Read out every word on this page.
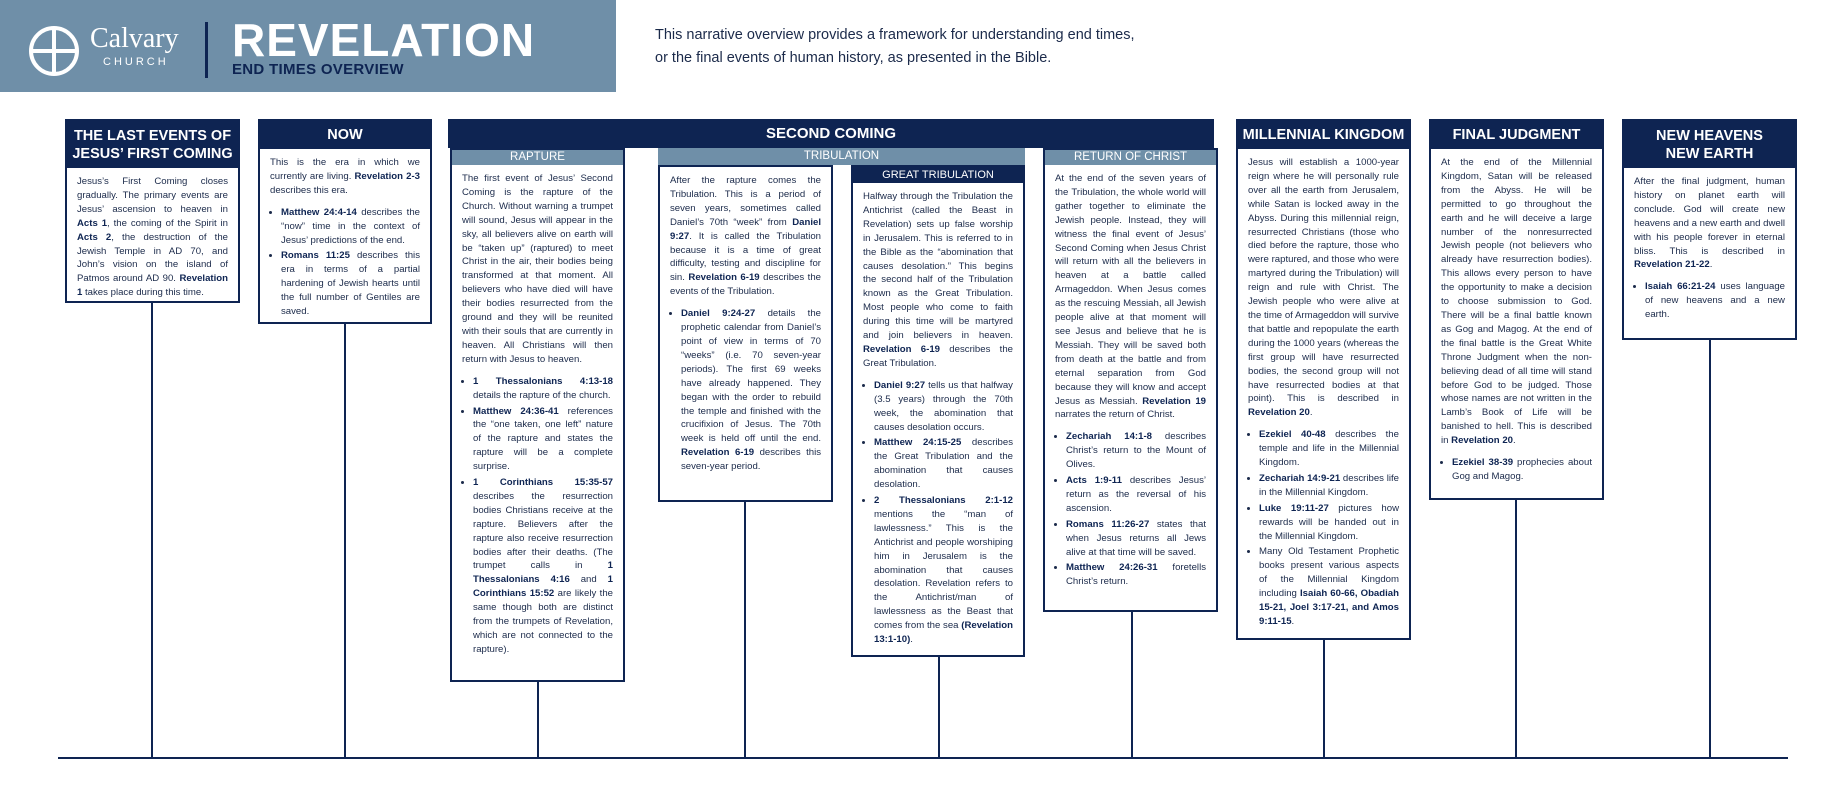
Calvary
CHURCH REVELATION
END TIMES OVERVIEW
This narrative overview provides a framework for understanding end times,
or the final events of human history, as presented in the Bible.
SECOND COMING
THE LAST EVENTS OF
JESUS’ FIRST COMING

Jesus’s First Coming closes gradually. The primary events are Jesus’ ascension to heaven in Acts 1, the coming of the Spirit in Acts 2, the destruction of the Jewish Temple in AD 70, and John’s vision on the island of Patmos around AD 90. Revelation 1 takes place during this time.

NOW

This is the era in which we currently are living. Revelation 2-3 describes this era.

• Matthew 24:4-14 describes the “now” time in the context of Jesus’ predictions of the end.
• Romans 11:25 describes this era in terms of a partial hardening of Jewish hearts until the full number of Gentiles are saved.
RAPTURE

The first event of Jesus’ Second Coming is the rapture of the Church. Without warning a trumpet will sound, Jesus will appear in the sky, all believers alive on earth will be “taken up” (raptured) to meet Christ in the air, their bodies being transformed at that moment. All believers who have died will have their bodies resurrected from the ground and they will be reunited with their souls that are currently in heaven. All Christians will then return with Jesus to heaven.

• 1 Thessalonians 4:13-18 details the rapture of the church.
• Matthew 24:36-41 references the “one taken, one left” nature of the rapture and states the rapture will be a complete surprise.
• 1 Corinthians 15:35-57 describes the resurrection bodies Christians receive at the rapture. Believers after the rapture also receive resurrection bodies after their deaths. (The trumpet calls in 1 Thessalonians 4:16 and 1 Corinthians 15:52 are likely the same though both are distinct from the trumpets of Revelation, which are not connected to the rapture).
TRIBULATION

After the rapture comes the Tribulation. This is a period of seven years, sometimes called Daniel’s 70th “week” from Daniel 9:27. It is called the Tribulation because it is a time of great difficulty, testing and discipline for sin. Revelation 6-19 describes the events of the Tribulation.

• Daniel 9:24-27 details the prophetic calendar from Daniel’s point of view in terms of 70 “weeks” (i.e. 70 seven-year periods). The first 69 weeks have already happened. They began with the order to rebuild the temple and finished with the crucifixion of Jesus. The 70th week is held off until the end. Revelation 6-19 describes this seven-year period.
GREAT TRIBULATION

Halfway through the Tribulation the Antichrist (called the Beast in Revelation) sets up false worship in Jerusalem. This is referred to in the Bible as the “abomination that causes desolation.” This begins the second half of the Tribulation known as the Great Tribulation. Most people who come to faith during this time will be martyred and join believers in heaven. Revelation 6-19 describes the Great Tribulation.

• Daniel 9:27 tells us that halfway (3.5 years) through the 70th week, the abomination that causes desolation occurs.
• Matthew 24:15-25 describes the Great Tribulation and the abomination that causes desolation.
• 2 Thessalonians 2:1-12 mentions the “man of lawlessness.” This is the Antichrist and people worshiping him in Jerusalem is the abomination that causes desolation. Revelation refers to the Antichrist/man of lawlessness as the Beast that comes from the sea (Revelation 13:1-10).
RETURN OF CHRIST

At the end of the seven years of the Tribulation, the whole world will gather together to eliminate the Jewish people. Instead, they will witness the final event of Jesus’ Second Coming when Jesus Christ will return with all the believers in heaven at a battle called Armageddon. When Jesus comes as the rescuing Messiah, all Jewish people alive at that moment will see Jesus and believe that he is Messiah. They will be saved both from death at the battle and from eternal separation from God because they will know and accept Jesus as Messiah. Revelation 19 narrates the return of Christ.

• Zechariah 14:1-8 describes Christ’s return to the Mount of Olives.
• Acts 1:9-11 describes Jesus’ return as the reversal of his ascension.
• Romans 11:26-27 states that when Jesus returns all Jews alive at that time will be saved.
• Matthew 24:26-31 foretells Christ’s return.
MILLENNIAL KINGDOM

Jesus will establish a 1000-year reign where he will personally rule over all the earth from Jerusalem, while Satan is locked away in the Abyss. During this millennial reign, resurrected Christians (those who died before the rapture, those who were raptured, and those who were martyred during the Tribulation) will reign and rule with Christ. The Jewish people who were alive at the time of Armageddon will survive that battle and repopulate the earth during the 1000 years (whereas the first group will have resurrected bodies, the second group will not have resurrected bodies at that point). This is described in Revelation 20.

• Ezekiel 40-48 describes the temple and life in the Millennial Kingdom.
• Zechariah 14:9-21 describes life in the Millennial Kingdom.
• Luke 19:11-27 pictures how rewards will be handed out in the Millennial Kingdom.
• Many Old Testament Prophetic books present various aspects of the Millennial Kingdom including Isaiah 60-66, Obadiah 15-21, Joel 3:17-21, and Amos 9:11-15.
FINAL JUDGMENT

At the end of the Millennial Kingdom, Satan will be released from the Abyss. He will be permitted to go throughout the earth and he will deceive a large number of the nonresurrected Jewish people (not believers who already have resurrection bodies). This allows every person to have the opportunity to make a decision to choose submission to God. There will be a final battle known as Gog and Magog. At the end of the final battle is the Great White Throne Judgment when the non-believing dead of all time will stand before God to be judged. Those whose names are not written in the Lamb’s Book of Life will be banished to hell. This is described in Revelation 20.

• Ezekiel 38-39 prophecies about Gog and Magog.
NEW HEAVENS
NEW EARTH

After the final judgment, human history on planet earth will conclude. God will create new heavens and a new earth and dwell with his people forever in eternal bliss. This is described in Revelation 21-22.

• Isaiah 66:21-24 uses language of new heavens and a new earth.
